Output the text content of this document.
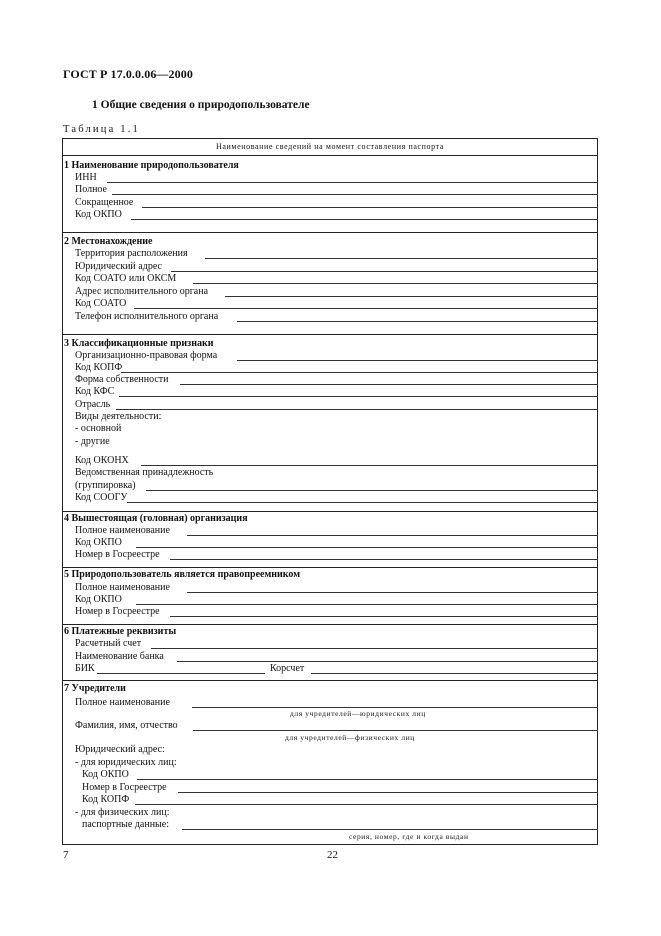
ГОСТ Р 17.0.0.06—2000
1 Общие сведения о природопользователе
Таблица 1.1
Наименование сведений на момент составления паспорта
1 Наименование природопользователя
ИНН
Полное
Сокращенное
Код ОКПО
2 Местонахождение
Территория расположения
Юридический адрес
Код СОАТО или ОКСМ
Адрес исполнительного органа
Код СОАТО
Телефон исполнительного органа
3 Классификационные признаки
Организационно-правовая форма
Код КОПФ
Форма собственности
Код КФС
Отрасль
Виды деятельности:
- основной
- другие
Код ОКОНХ
Ведомственная принадлежность
(группировка)
Код СООГУ
4 Вышестоящая (головная) организация
Полное наименование
Код ОКПО
Номер в Госреестре
5 Природопользователь является правопреемником
Полное наименование
Код ОКПО
Номер в Госреестре
6 Платежные реквизиты
Расчетный счет
Наименование банка
БИК	Корсчет
7 Учредители
Полное наименование
для учредителей—юридических лиц
Фамилия, имя, отчество
для учредителей—физических лиц
Юридический адрес:
- для юридических лиц:
Код ОКПО
Номер в Госреестре
Код КОПФ
- для физических лиц:
паспортные данные:
серия, номер, где и когда выдан
7	22
